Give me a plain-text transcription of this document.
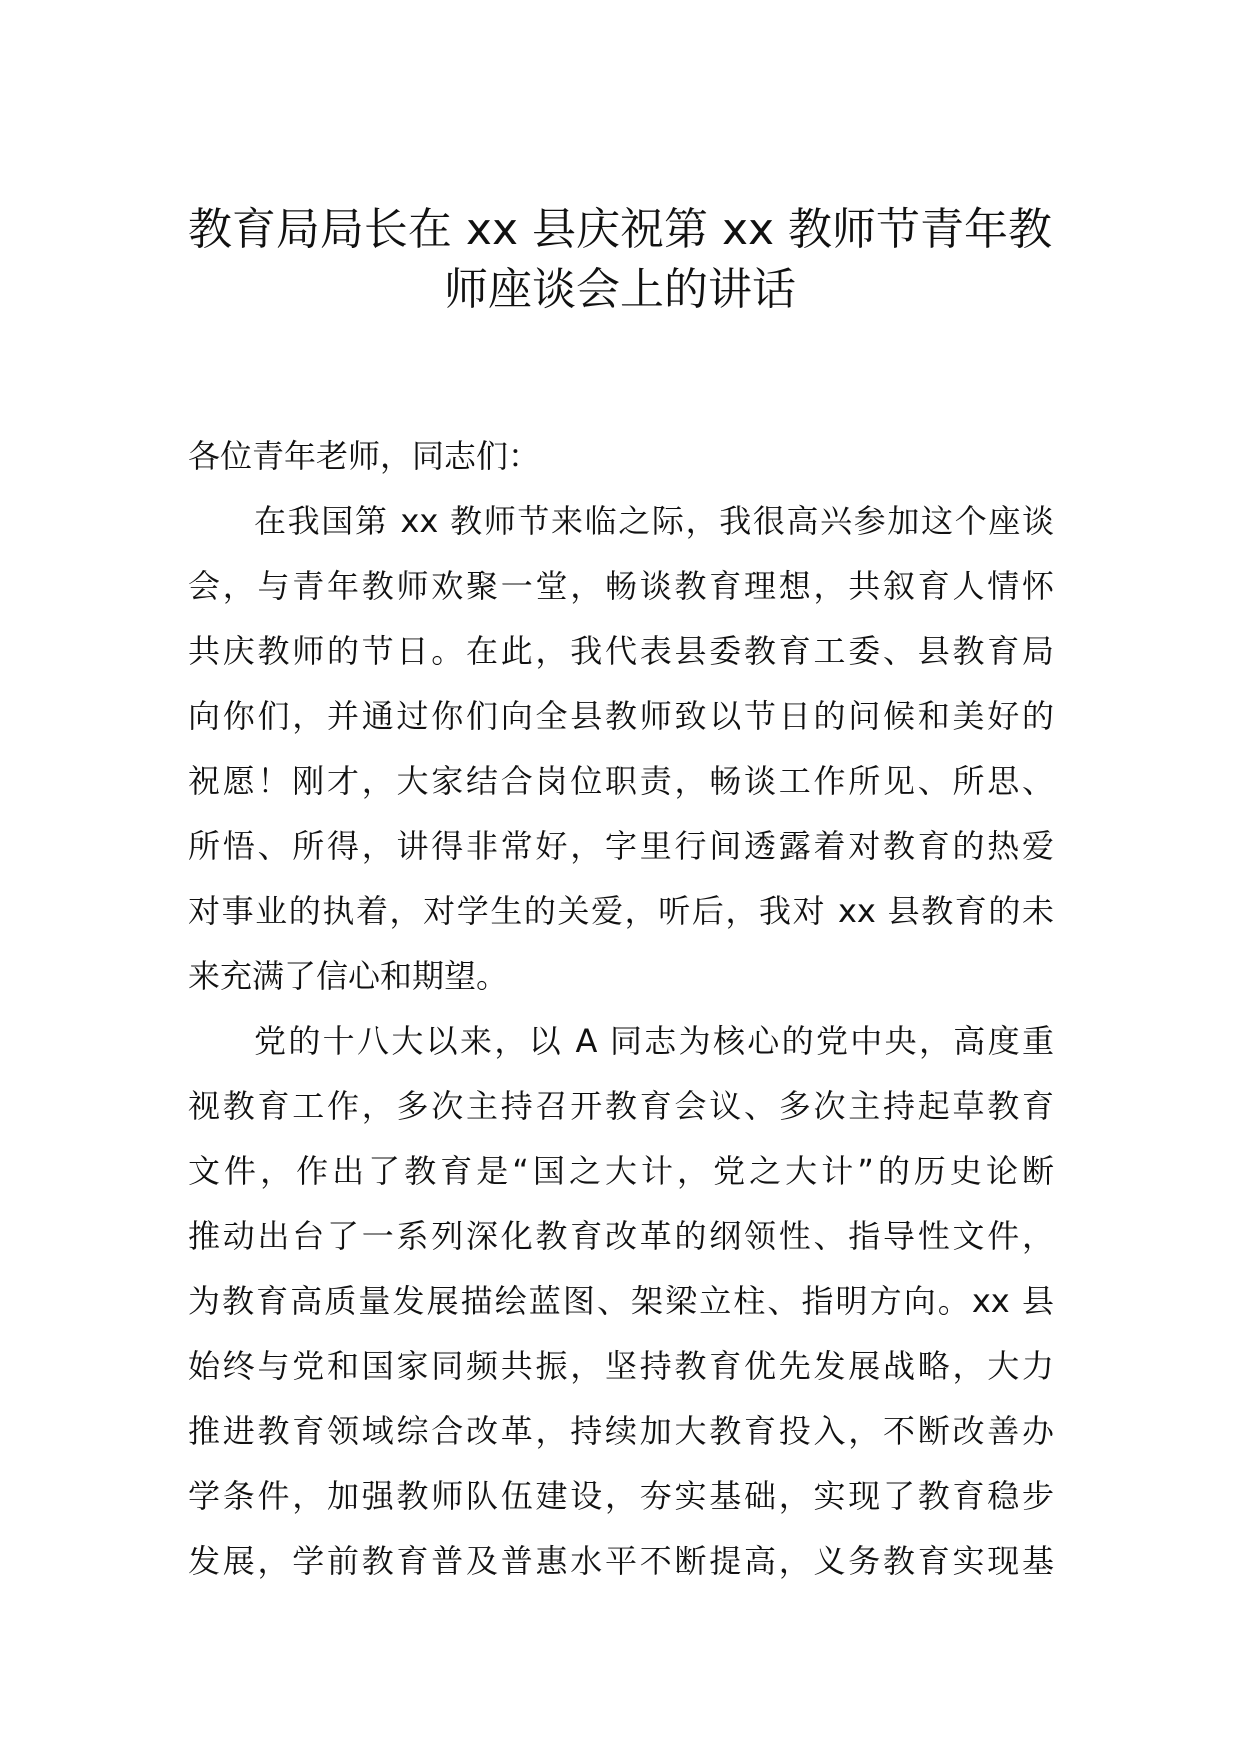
教育局局长在 xx 县庆祝第 xx 教师节青年教
师座谈会上的讲话
各位青年老师，同志们：
在我国第 xx 教师节来临之际，我很高兴参加这个座谈
会，与青年教师欢聚一堂，畅谈教育理想，共叙育人情怀
共庆教师的节日。在此，我代表县委教育工委、县教育局
向你们，并通过你们向全县教师致以节日的问候和美好的
祝愿！刚才，大家结合岗位职责，畅谈工作所见、所思、
所悟、所得，讲得非常好，字里行间透露着对教育的热爱
对事业的执着，对学生的关爱，听后，我对 xx 县教育的未
来充满了信心和期望。
党的十八大以来，以 A 同志为核心的党中央，高度重
视教育工作，多次主持召开教育会议、多次主持起草教育
文件，作出了教育是“国之大计，党之大计”的历史论断
推动出台了一系列深化教育改革的纲领性、指导性文件，
为教育高质量发展描绘蓝图、架梁立柱、指明方向。xx 县
始终与党和国家同频共振，坚持教育优先发展战略，大力
推进教育领域综合改革，持续加大教育投入，不断改善办
学条件，加强教师队伍建设，夯实基础，实现了教育稳步
发展，学前教育普及普惠水平不断提高，义务教育实现基
